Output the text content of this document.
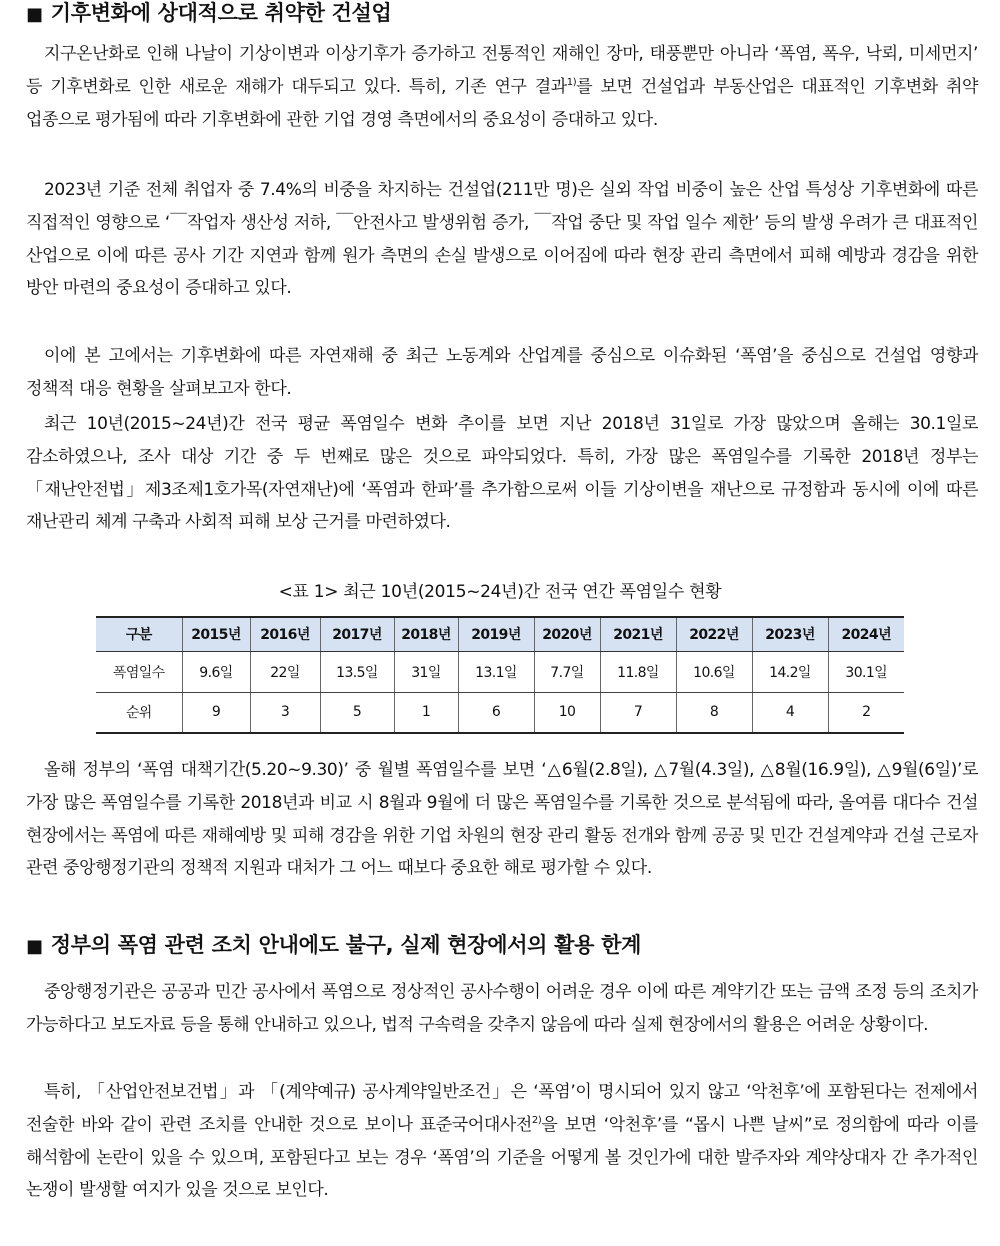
■ 기후변화에 상대적으로 취약한 건설업

지구온난화로 인해 나날이 기상이변과 이상기후가 증가하고 전통적인 재해인 장마, 태풍뿐만 아니라 ‘폭염, 폭우, 낙뢰, 미세먼지’ 등 기후변화로 인한 새로운 재해가 대두되고 있다. 특히, 기존 연구 결과$^{1)}$를 보면 건설업과 부동산업은 대표적인 기후변화 취약 업종으로 평가됨에 따라 기후변화에 관한 기업 경영 측면에서의 중요성이 증대하고 있다.

2023년 기준 전체 취업자 중 7.4%의 비중을 차지하는 건설업(211만 명)은 실외 작업 비중이 높은 산업 특성상 기후변화에 따른 직접적인 영향으로 ‘￣작업자 생산성 저하, ￣안전사고 발생위험 증가, ￣작업 중단 및 작업 일수 제한’ 등의 발생 우려가 큰 대표적인 산업으로 이에 따른 공사 기간 지연과 함께 원가 측면의 손실 발생으로 이어짐에 따라 현장 관리 측면에서 피해 예방과 경감을 위한 방안 마련의 중요성이 증대하고 있다.

이에 본 고에서는 기후변화에 따른 자연재해 중 최근 노동계와 산업계를 중심으로 이슈화된 ‘폭염’을 중심으로 건설업 영향과 정책적 대응 현황을 살펴보고자 한다.

최근 10년(2015~24년)간 전국 평균 폭염일수 변화 추이를 보면 지난 2018년 31일로 가장 많았으며 올해는 30.1일로 감소하였으나, 조사 대상 기간 중 두 번째로 많은 것으로 파악되었다. 특히, 가장 많은 폭염일수를 기록한 2018년 정부는「재난안전법」제3조제1호가목(자연재난)에 ‘폭염과 한파’를 추가함으로써 이들 기상이변을 재난으로 규정함과 동시에 이에 따른 재난관리 체계 구축과 사회적 피해 보상 근거를 마련하였다.

<표 1> 최근 10년(2015~24년)간 전국 연간 폭염일수 현황

구분	2015년	2016년	2017년	2018년	2019년	2020년	2021년	2022년	2023년	2024년
폭염일수	9.6일	22일	13.5일	31일	13.1일	7.7일	11.8일	10.6일	14.2일	30.1일
순위	9	3	5	1	6	10	7	8	4	2

올해 정부의 ‘폭염 대책기간(5.20~9.30)’ 중 월별 폭염일수를 보면 ‘△6월(2.8일), △7월(4.3일), △8월(16.9일), △9월(6일)’로 가장 많은 폭염일수를 기록한 2018년과 비교 시 8월과 9월에 더 많은 폭염일수를 기록한 것으로 분석됨에 따라, 올여름 대다수 건설 현장에서는 폭염에 따른 재해예방 및 피해 경감을 위한 기업 차원의 현장 관리 활동 전개와 함께 공공 및 민간 건설계약과 건설 근로자 관련 중앙행정기관의 정책적 지원과 대처가 그 어느 때보다 중요한 해로 평가할 수 있다.

■ 정부의 폭염 관련 조치 안내에도 불구, 실제 현장에서의 활용 한계

중앙행정기관은 공공과 민간 공사에서 폭염으로 정상적인 공사수행이 어려운 경우 이에 따른 계약기간 또는 금액 조정 등의 조치가 가능하다고 보도자료 등을 통해 안내하고 있으나, 법적 구속력을 갖추지 않음에 따라 실제 현장에서의 활용은 어려운 상황이다.

특히, 「산업안전보건법」과 「(계약예규) 공사계약일반조건」은 ‘폭염’이 명시되어 있지 않고 ‘악천후’에 포함된다는 전제에서 전술한 바와 같이 관련 조치를 안내한 것으로 보이나 표준국어대사전$^{2)}$을 보면 ‘악천후’를 “몹시 나쁜 날씨”로 정의함에 따라 이를 해석함에 논란이 있을 수 있으며, 포함된다고 보는 경우 ‘폭염’의 기준을 어떻게 볼 것인가에 대한 발주자와 계약상대자 간 추가적인 논쟁이 발생할 여지가 있을 것으로 보인다.
